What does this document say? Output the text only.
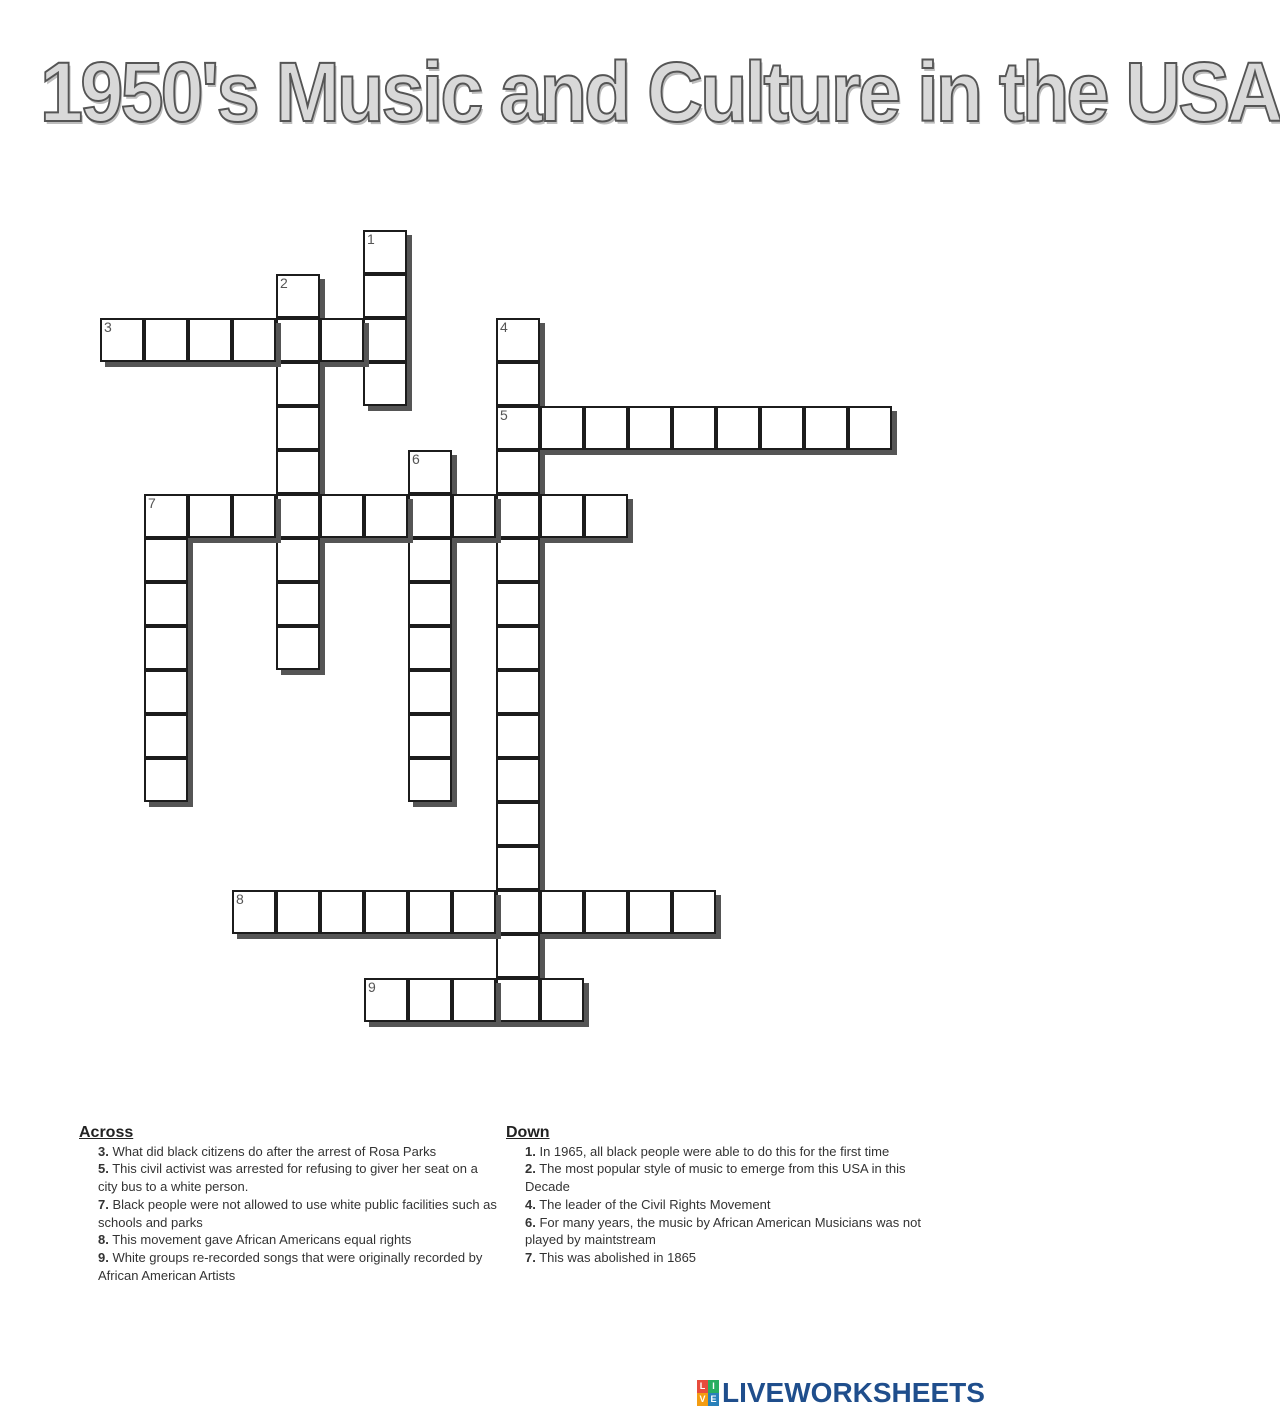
1950's Music and Culture in the USA
1
2
3	4
5
6
7
8
9
Across
3. What did black citizens do after the arrest of Rosa Parks
5. This civil activist was arrested for refusing to giver her seat on a city bus to a white person.
7. Black people were not allowed to use white public facilities such as schools and parks
8. This movement gave African Americans equal rights
9. White groups re-recorded songs that were originally recorded by African American Artists
Down
1. In 1965, all black people were able to do this for the first time
2. The most popular style of music to emerge from this USA in this Decade
4. The leader of the Civil Rights Movement
6. For many years, the music by African American Musicians was not played by maintstream
7. This was abolished in 1865
L I
V E LIVEWORKSHEETS
